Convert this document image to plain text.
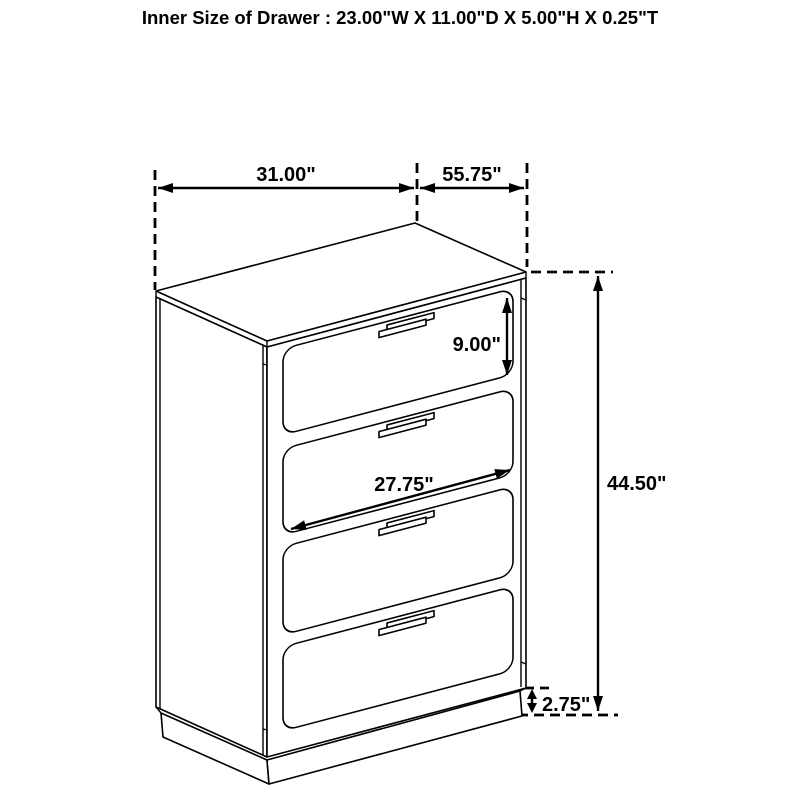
Inner Size of Drawer : 23.00"W X 11.00"D X 5.00"H X 0.25"T
31.00"	55.75"
9.00"
27.75"	44.50"
2.75"
